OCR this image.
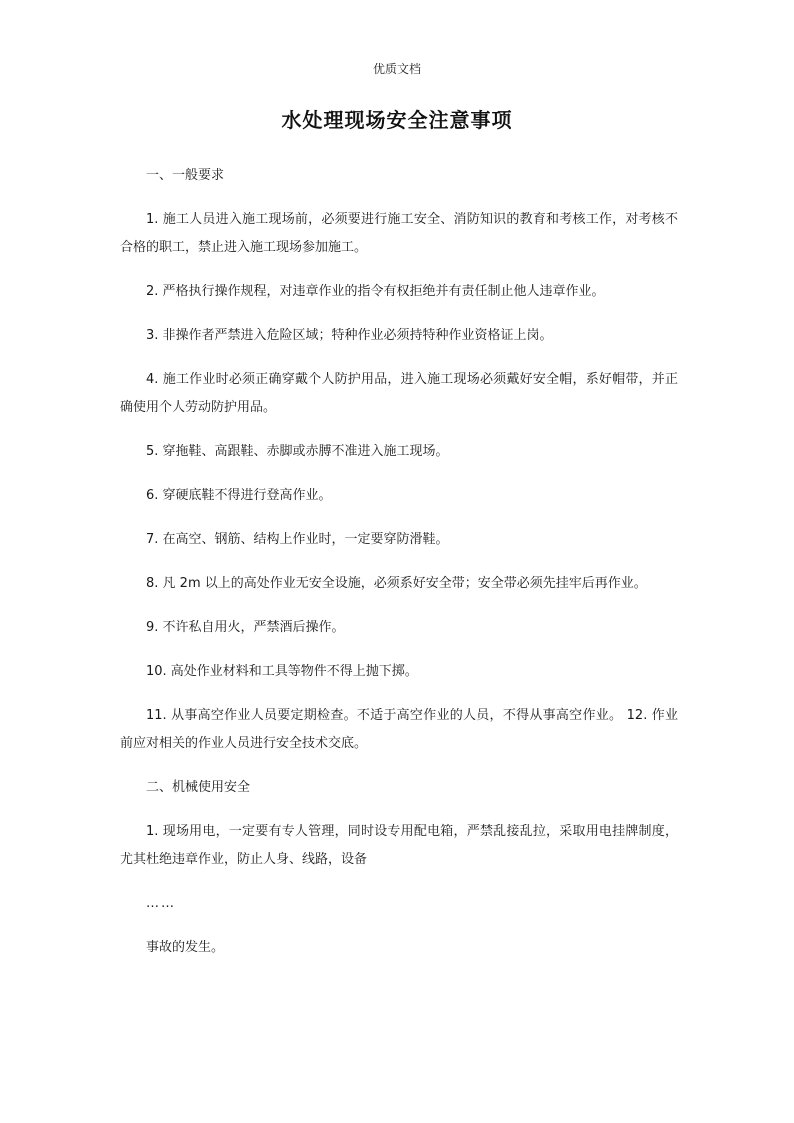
优质文档
水处理现场安全注意事项

一、一般要求

1. 施工人员进入施工现场前，必须要进行施工安全、消防知识的教育和考核工作，对考核不合格的职工，禁止进入施工现场参加施工。

2. 严格执行操作规程，对违章作业的指令有权拒绝并有责任制止他人违章作业。

3. 非操作者严禁进入危险区域；特种作业必须持特种作业资格证上岗。

4. 施工作业时必须正确穿戴个人防护用品，进入施工现场必须戴好安全帽，系好帽带，并正确使用个人劳动防护用品。

5. 穿拖鞋、高跟鞋、赤脚或赤膊不准进入施工现场。

6. 穿硬底鞋不得进行登高作业。

7. 在高空、钢筋、结构上作业时，一定要穿防滑鞋。

8. 凡 2m 以上的高处作业无安全设施，必须系好安全带；安全带必须先挂牢后再作业。

9. 不许私自用火，严禁酒后操作。

10. 高处作业材料和工具等物件不得上抛下掷。

11. 从事高空作业人员要定期检查。不适于高空作业的人员，不得从事高空作业。 12. 作业前应对相关的作业人员进行安全技术交底。

二、机械使用安全

1. 现场用电，一定要有专人管理，同时设专用配电箱，严禁乱接乱拉，采取用电挂牌制度，尤其杜绝违章作业，防止人身、线路，设备

……

事故的发生。
